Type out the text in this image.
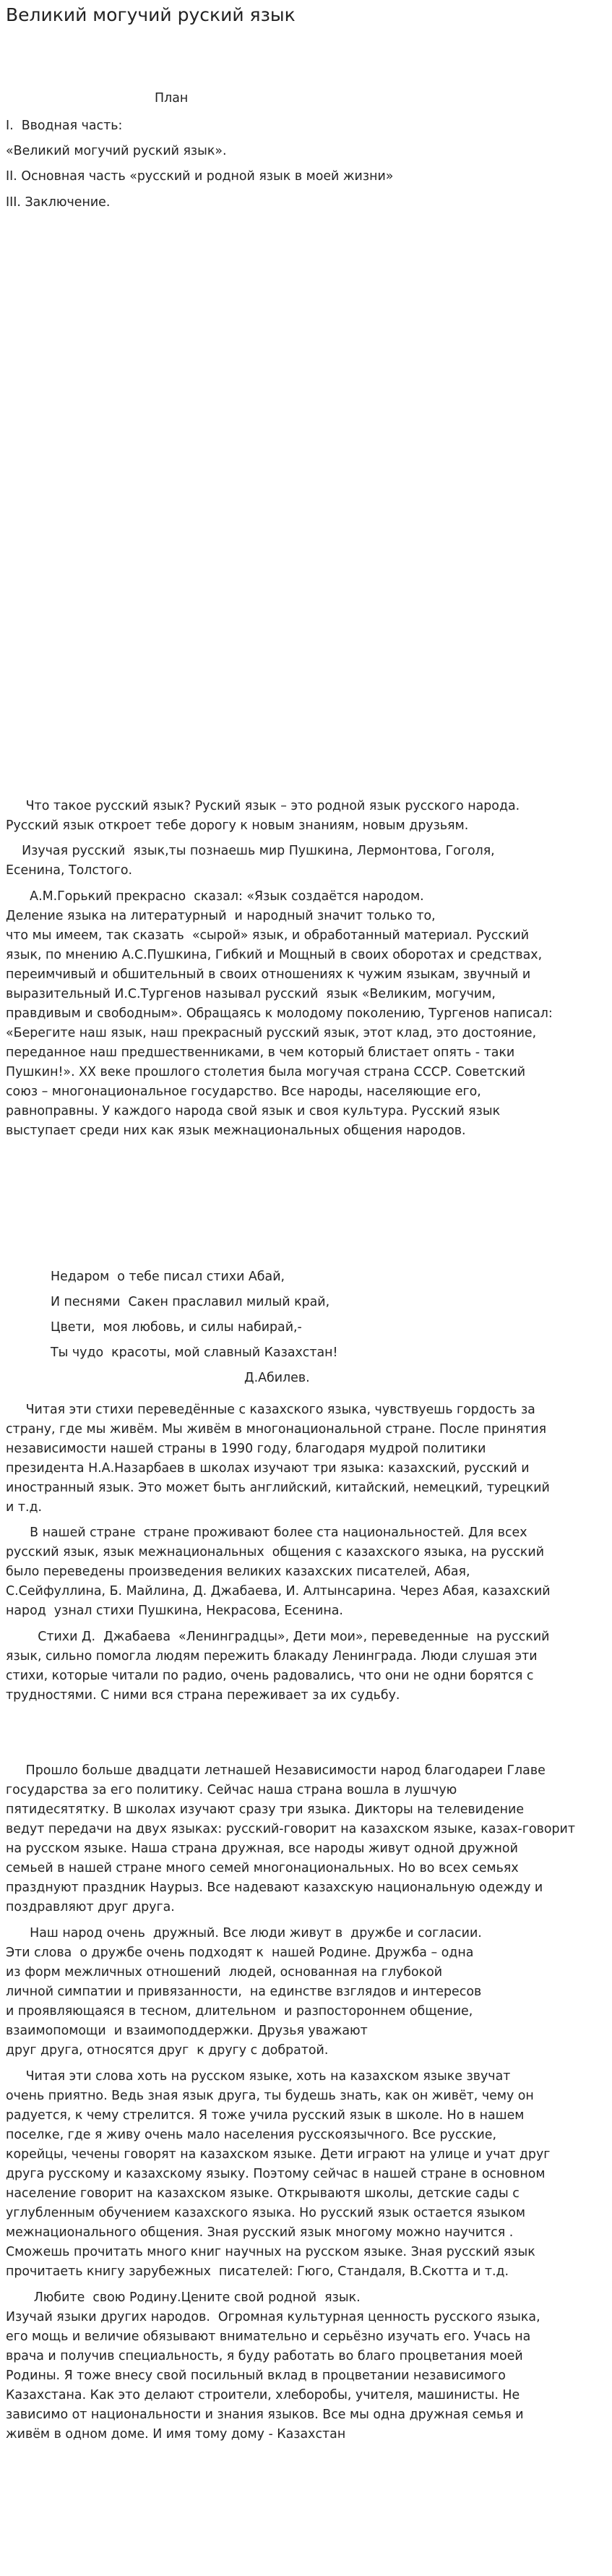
Великий могучий руский язык
План
I.  Вводная часть:
«Великий могучий руский язык».
II. Основная часть «русский и родной язык в моей жизни»
III. Заключение.
Что такое русский язык? Руский язык – это родной язык русского народа.
Русский язык откроет тебе дорогу к новым знаниям, новым друзьям.
Изучая русский  язык,ты познаешь мир Пушкина, Лермонтова, Гоголя,
Есенина, Толстого.
А.М.Горький прекрасно  сказал: «Язык создаётся народом.
Деление языка на литературный  и народный значит только то,
что мы имеем, так сказать  «сырой» язык, и обработанный материал. Русский
язык, по мнению А.С.Пушкина, Гибкий и Мощный в своих оборотах и средствах,
переимчивый и обшительный в своих отношениях к чужим языкам, звучный и
выразительный И.С.Тургенов называл русский  язык «Великим, могучим,
правдивым и свободным». Обращаясь к молодому поколению, Тургенов написал:
«Берегите наш язык, наш прекрасный русский язык, этот клад, это достояние,
переданное наш предшественниками, в чем который блистает опять - таки
Пушкин!». XX веке прошлого столетия была могучая страна СССР. Советский
союз – многонациональное государство. Все народы, населяющие его,
равноправны. У каждого народа свой язык и своя культура. Русский язык
выступает среди них как язык межнациональных общения народов.
Недаром  о тебе писал стихи Абай,
И песнями  Сакен праславил милый край,
Цвети,  моя любовь, и силы набирай,-
Ты чудо  красоты, мой славный Казахстан!
Д.Абилев.
Читая эти стихи переведённые с казахского языка, чувствуешь гордость за
страну, где мы живём. Мы живём в многонациональной стране. После принятия
независимости нашей страны в 1990 году, благодаря мудрой политики
президента Н.А.Назарбаев в школах изучают три языка: казахский, русский и
иностранный язык. Это может быть английский, китайский, немецкий, турецкий
и т.д.
В нашей стране  стране проживают более ста национальностей. Для всех
русский язык, язык межнациональных  общения с казахского языка, на русский
было переведены произведения великих казахских писателей, Абая,
С.Сейфуллина, Б. Майлина, Д. Джабаева, И. Алтынсарина. Через Абая, казахский
народ  узнал стихи Пушкина, Некрасова, Есенина.
Стихи Д.  Джабаева  «Ленинградцы», Дети мои», переведенные  на русский
язык, сильно помогла людям пережить блакаду Ленинграда. Люди слушая эти
стихи, которые читали по радио, очень радовались, что они не одни борятся с
трудностями. С ними вся страна переживает за их судьбу.
Прошло больше двадцати летнашей Независимости народ благодареи Главе
государства за его политику. Сейчас наша страна вошла в лушчую
пятидесятятку. В школах изучают сразу три языка. Дикторы на телевидение
ведут передачи на двух языках: русский-говорит на казахском языке, казах-говорит
на русском языке. Наша страна дружная, все народы живут одной дружной
семьей в нашей стране много семей многонациональных. Но во всех семьях
празднуют праздник Наурыз. Все надевают казахскую национальную одежду и
поздравляют друг друга.
Наш народ очень  дружный. Все люди живут в  дружбе и согласии.
Эти слова  о дружбе очень подходят к  нашей Родине. Дружба – одна
из форм межличных отношений  людей, основанная на глубокой
личной симпатии и привязанности,  на единстве взглядов и интересов
и проявляющаяся в тесном, длительном  и разпостороннем общение,
взаимопомощи  и взаимоподдержки. Друзья уважают
друг друга, относятся друг  к другу с добратой.
Читая эти слова хоть на русском языке, хоть на казахском языке звучат
очень приятно. Ведь зная язык друга, ты будешь знать, как он живёт, чему он
радуется, к чему стрелится. Я тоже учила русский язык в школе. Но в нашем
поселке, где я живу очень мало населения русскоязычного. Все русские,
корейцы, чечены говорят на казахском языке. Дети играют на улице и учат друг
друга русскому и казахскому языку. Поэтому сейчас в нашей стране в основном
население говорит на казахском языке. Открываютя школы, детские сады с
углубленным обучением казахского языка. Но русский язык остается языком
межнационального общения. Зная русский язык многому можно научится .
Сможешь прочитать много книг научных на русском языке. Зная русский язык
прочитаеть книгу зарубежных  писателей: Гюго, Стандаля, В.Скотта и т.д.
Любите  свою Родину.Цените свой родной  язык.
Изучай языки других народов.  Огромная культурная ценность русского языка,
его мощь и величие обязывают внимательно и серьёзно изучать его. Учась на
врача и получив специальность, я буду работать во благо процветания моей
Родины. Я тоже внесу свой посильный вклад в процветании независимого
Казахстана. Как это делают строители, хлеборобы, учителя, машинисты. Не
зависимо от национальности и знания языков. Все мы одна дружная семья и
живём в одном доме. И имя тому дому - Казахстан
